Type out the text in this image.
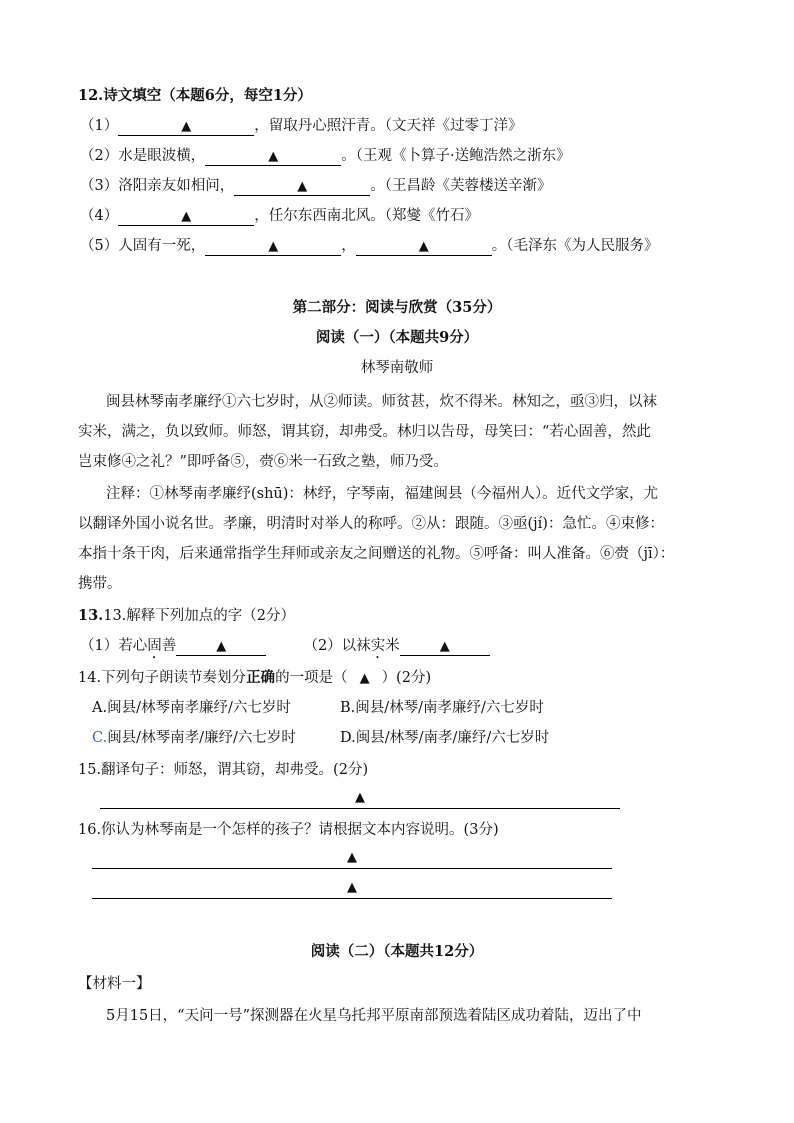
12.诗文填空（本题6分，每空1分）
（1）	▲	，留取丹心照汗青。（文天祥《过零丁洋》
（2）水是眼波横，	▲	。（王观《卜算子·送鲍浩然之浙东》
（3）洛阳亲友如相问，	▲	。（王昌龄《芙蓉楼送辛渐》
（4）	▲	，任尔东西南北风。（郑燮《竹石》
（5）人固有一死，	▲	，	▲	。（毛泽东《为人民服务》
第二部分：阅读与欣赏（35分）
阅读（一）（本题共9分）
林琴南敬师
闽县林琴南孝廉纾①六七岁时，从②师读。师贫甚，炊不得米。林知之，亟③归，以袜
实米，满之，负以致师。师怒，谓其窃，却弗受。林归以告母，母笑曰：“若心固善，然此
岂束修④之礼？”即呼备⑤，赍⑥米一石致之塾，师乃受。
注释：①林琴南孝廉纾(shū)：林纾，字琴南，福建闽县（今福州人）。近代文学家，尤
以翻译外国小说名世。孝廉，明清时对举人的称呼。②从：跟随。③亟(jí)：急忙。④束修：
本指十条干肉，后来通常指学生拜师或亲友之间赠送的礼物。⑤呼备：叫人准备。⑥赍（jī）：
携带。
13.13.解释下列加点的字（2分）
（1）若心固善	▲	（2）以袜实米	▲
14.下列句子朗读节奏划分正确的一项是（ ▲ ）(2分)
A.闽县/林琴南孝廉纾/六七岁时	B.闽县/林琴/南孝廉纾/六七岁时
C.闽县/林琴南孝/廉纾/六七岁时	D.闽县/林琴/南孝/廉纾/六七岁时
15.翻译句子：师怒，谓其窃，却弗受。(2分)
▲
16.你认为林琴南是一个怎样的孩子？请根据文本内容说明。(3分)
▲
▲
阅读（二）（本题共12分）
【材料一】
5月15日，“天问一号”探测器在火星乌托邦平原南部预选着陆区成功着陆，迈出了中
